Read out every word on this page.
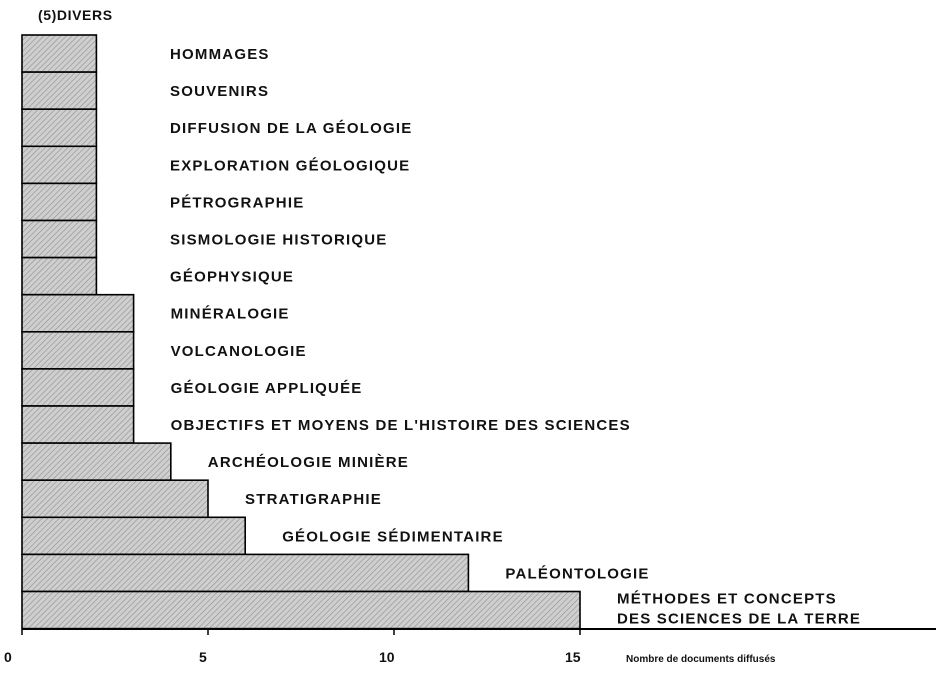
(5)DIVERS
HOMMAGES
SOUVENIRS
DIFFUSION DE LA GÉOLOGIE
EXPLORATION GÉOLOGIQUE
PÉTROGRAPHIE
SISMOLOGIE HISTORIQUE
GÉOPHYSIQUE
MINÉRALOGIE
VOLCANOLOGIE
GÉOLOGIE APPLIQUÉE
OBJECTIFS ET MOYENS DE L'HISTOIRE DES SCIENCES
ARCHÉOLOGIE MINIÈRE
STRATIGRAPHIE
GÉOLOGIE SÉDIMENTAIRE
PALÉONTOLOGIE
MÉTHODES ET CONCEPTS DES SCIENCES DE LA TERRE
0	5	10	15	Nombre de documents diffusés
